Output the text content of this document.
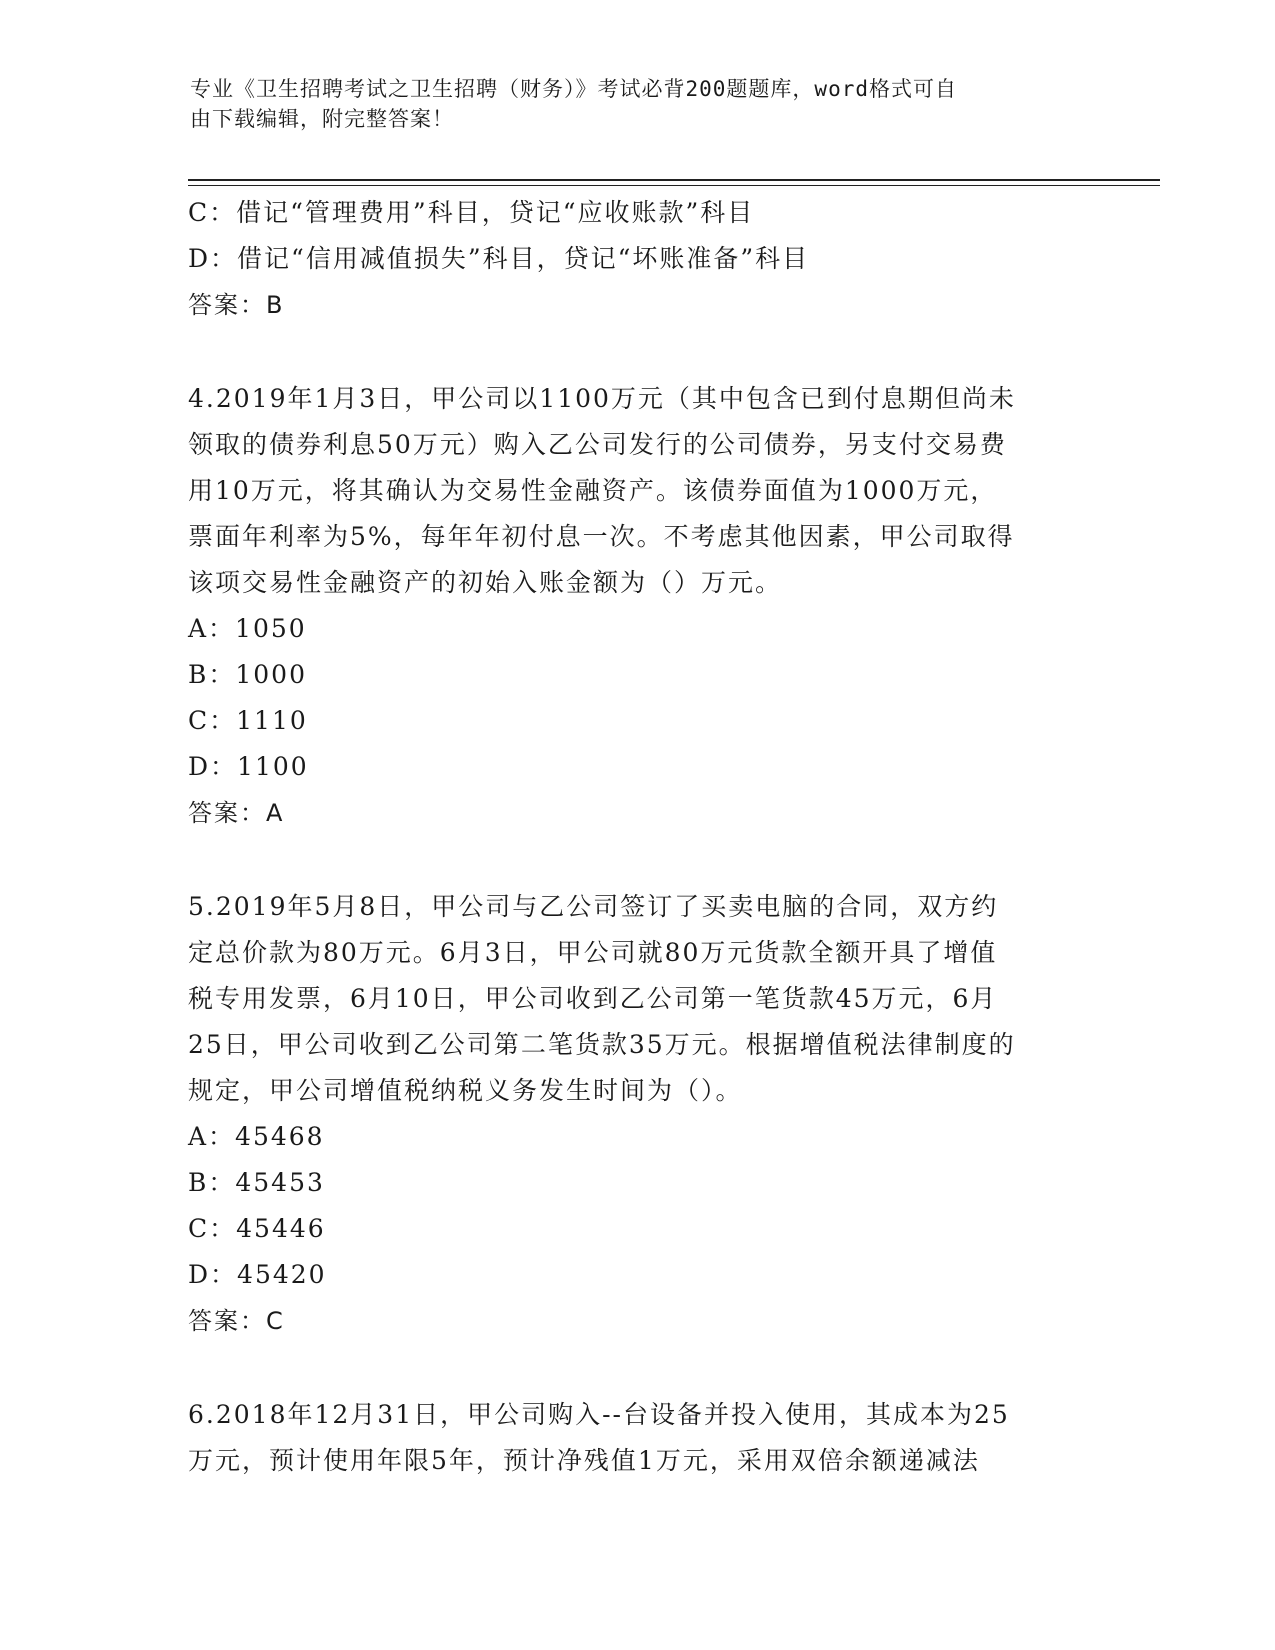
专业《卫生招聘考试之卫生招聘（财务）》考试必背200题题库，word格式可自
由下载编辑，附完整答案！
C：借记“管理费用”科目，贷记“应收账款”科目
D：借记“信用减值损失”科目，贷记“坏账准备”科目
答案：B
4.2019年1月3日，甲公司以1100万元（其中包含已到付息期但尚未
领取的债券利息50万元）购入乙公司发行的公司债券，另支付交易费
用10万元，将其确认为交易性金融资产。该债券面值为1000万元，
票面年利率为5%，每年年初付息一次。不考虑其他因素，甲公司取得
该项交易性金融资产的初始入账金额为（）万元。
A：1050
B：1000
C：1110
D：1100
答案：A
5.2019年5月8日，甲公司与乙公司签订了买卖电脑的合同，双方约
定总价款为80万元。6月3日，甲公司就80万元货款全额开具了增值
税专用发票，6月10日，甲公司收到乙公司第一笔货款45万元，6月
25日，甲公司收到乙公司第二笔货款35万元。根据增值税法律制度的
规定，甲公司增值税纳税义务发生时间为（）。
A：45468
B：45453
C：45446
D：45420
答案：C
6.2018年12月31日，甲公司购入--台设备并投入使用，其成本为25
万元，预计使用年限5年，预计净残值1万元，采用双倍余额递减法
